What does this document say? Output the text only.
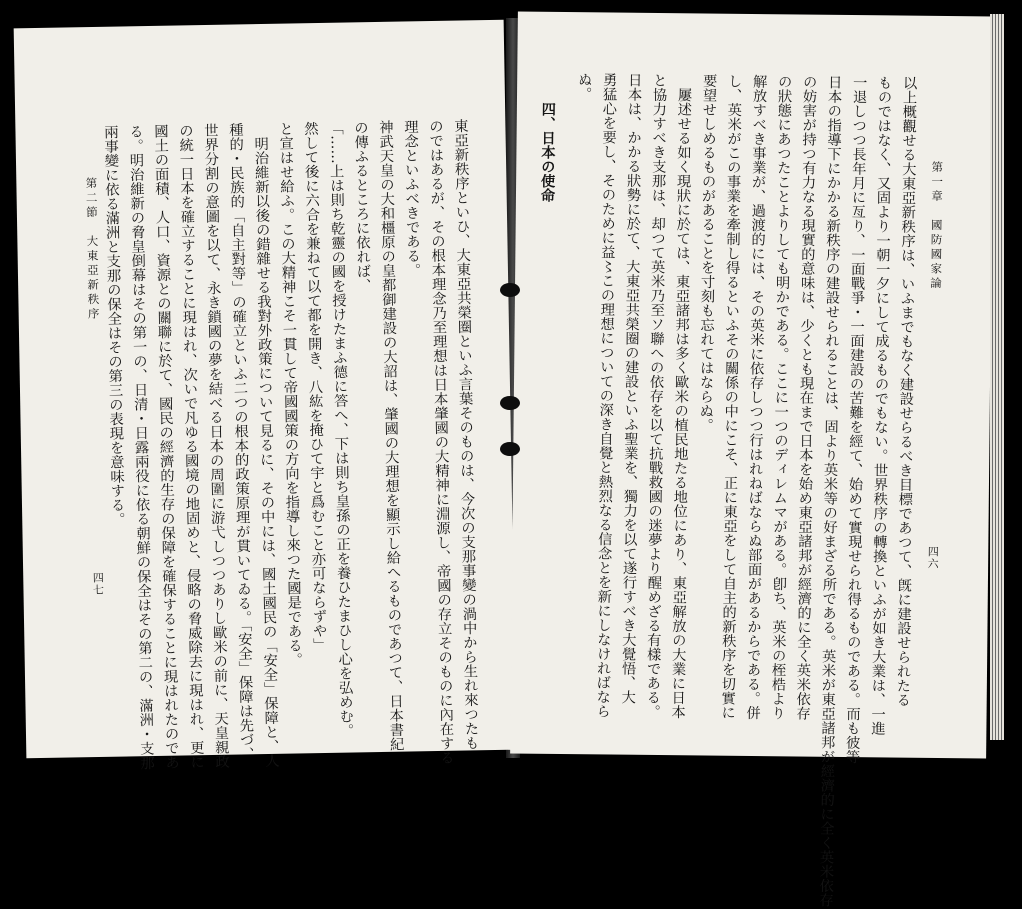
第二節　大東亞新秩序
四七	東亞新秩序といひ、大東亞共榮圈といふ言葉そのものは、今次の支那事變の渦中から生れ來つたも
のではあるが、その根本理念乃至理想は日本肇國の大精神に淵源し、帝國の存立そのものに內在する
理念といふべきである。
神武天皇の大和橿原の皇都御建設の大詔は、肇國の大理想を顯示し給へるものであつて、日本書紀
の傳ふるところに依れば、
「……上は則ち乾靈の國を授けたまふ德に答へ、下は則ち皇孫の正を養ひたまひし心を弘めむ。
然して後に六合を兼ねて以て都を開き、八紘を掩ひて宇と爲むこと亦可ならずや」
と宣はせ給ふ。この大精神こそ一貫して帝國國策の方向を指導し來つた國是である。
　明治維新以後の錯雜せる我對外政策について見るに、その中には、國土國民の「安全」保障と、人
種的・民族的「自主對等」の確立といふ二つの根本的政策原理が貫いてゐる。「安全」保障は先づ、
世界分割の意圖を以て、永き鎖國の夢を結べる日本の周圍に游弋しつつありし歐米の前に、天皇親政
の統一日本を確立することに現はれ、次いで凡ゆる國境の地固めと、侵略の脅威除去に現はれ、更に
國土の面積、人口、資源との關聯に於て、國民の經濟的生存の保障を確保することに現はれたのであ
る。明治維新の脅皇倒幕はその第一の、日清・日露兩役に依る朝鮮の保全はその第二の、滿洲・支那
兩事變に依る滿洲と支那の保全はその第三の表現を意味する。	第一章　國防國家論
四六
以上概觀せる大東亞新秩序は、いふまでもなく建設せらるべき目標であつて、旣に建設せられたる
ものではなく、又固より一朝一夕にして成るものでもない。世界秩序の轉換といふが如き大業は、一進
一退しつつ長年月に亙り、一面戰爭・一面建設の苦難を經て、始めて實現せられ得るものである。而も彼等
日本の指導下にかかる新秩序の建設せられることは、固より英米等の好まざる所である。英米が東亞諸邦が經濟的に全く英米依存
の妨害が持つ有力なる現實的意味は、少くとも現在まで日本を始め東亞諸邦が經濟的に全く英米依存
の狀態にあつたことよりしても明かである。ここに一つのディレムマがある。卽ち、英米の桎梏より
解放すべき事業が、過渡的には、その英米に依存しつつ行はれねばならぬ部面があるからである。併
し、英米がこの事業を牽制し得るといふその關係の中にこそ、正に東亞をして自主的新秩序を切實に
要望せしめるものがあることを寸刻も忘れてはならぬ。
　屢述せる如く現狀に於ては、東亞諸邦は多く歐米の植民地たる地位にあり、東亞解放の大業に日本
と協力すべき支那は、却つて英米乃至ソ聯への依存を以て抗戰救國の迷夢より醒めざる有樣である。
日本は、かかる狀勢に於て、大東亞共榮圈の建設といふ聖業を、獨力を以て遂行すべき大覺悟、大
勇猛心を要し、そのために益〻この理想についての深き自覺と熱烈なる信念とを新にしなければなら
ぬ。
四、日本の使命
